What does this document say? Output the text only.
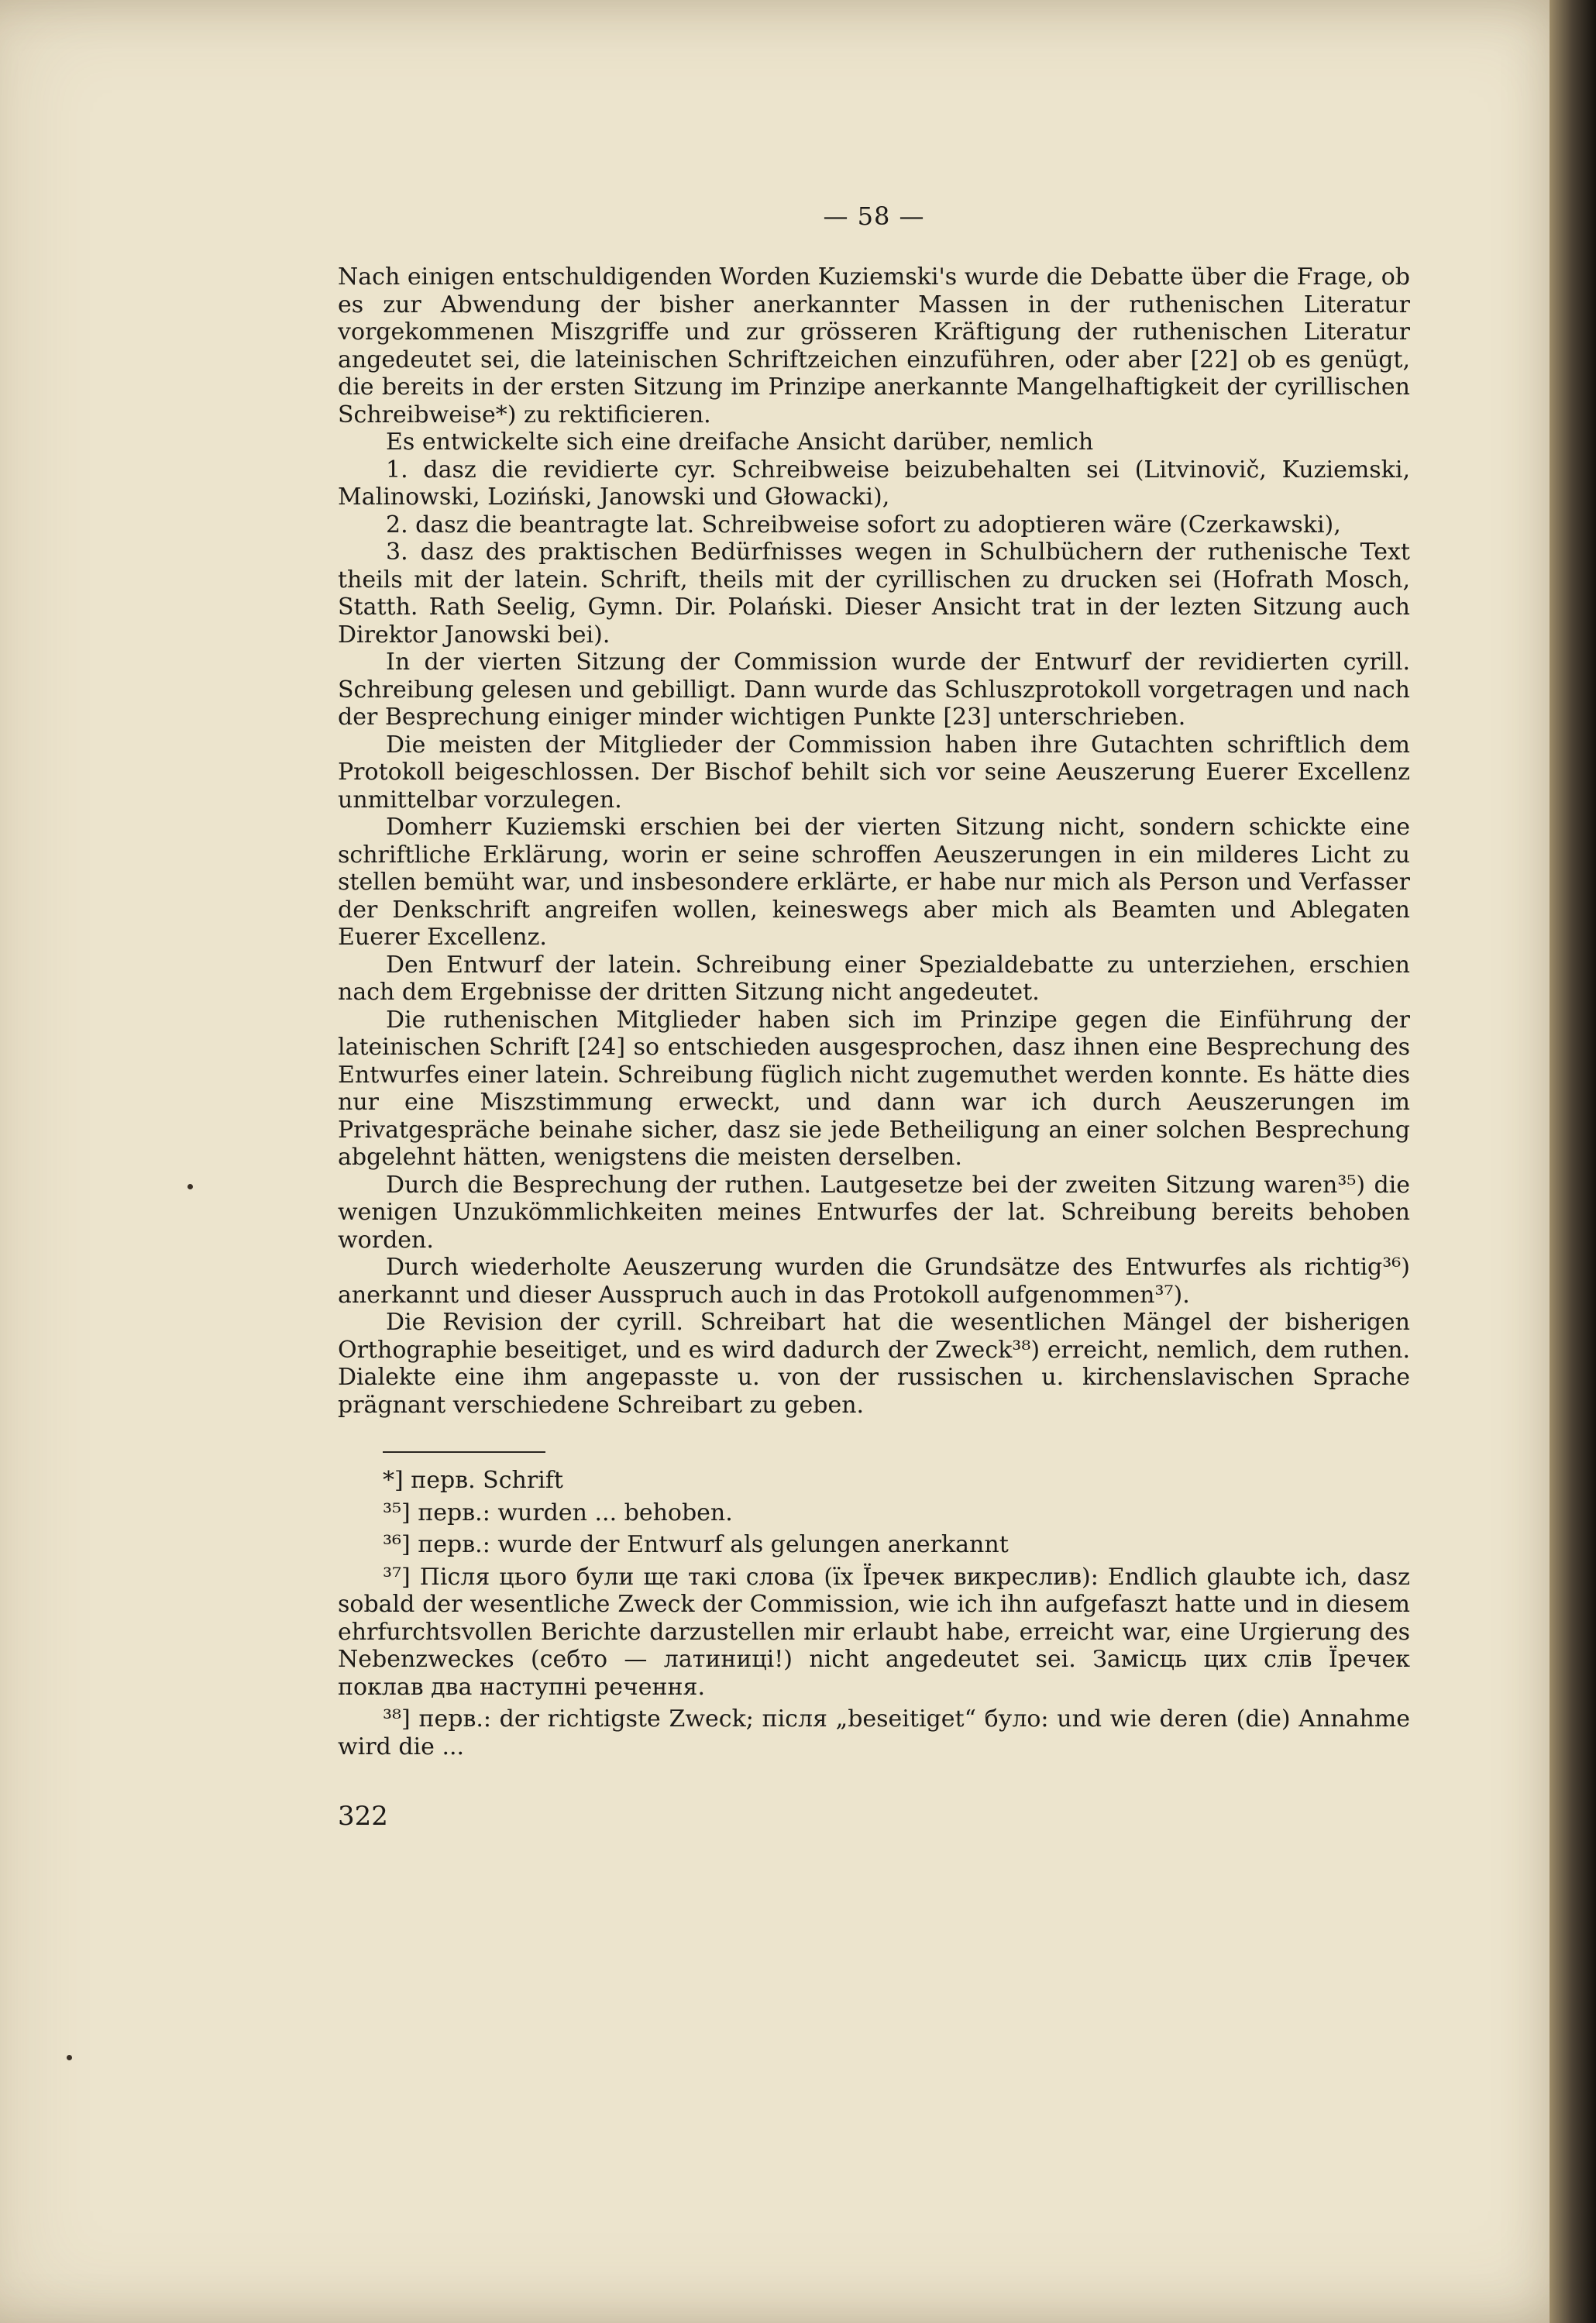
— 58 —

Nach einigen entschuldigenden Worden Kuziemski's wurde die Debatte über die Frage, ob es zur Abwendung der bisher anerkannter Massen in der ruthenischen Literatur vorgekommenen Miszgriffe und zur grösseren Kräftigung der ruthenischen Literatur angedeutet sei, die lateinischen Schriftzeichen einzuführen, oder aber [22] ob es genügt, die bereits in der ersten Sitzung im Prinzipe anerkannte Mangelhaftigkeit der cyrillischen Schreibweise*) zu rektificieren.

Es entwickelte sich eine dreifache Ansicht darüber, nemlich

1. dasz die revidierte cyr. Schreibweise beizubehalten sei (Litvinovič, Kuziemski, Malinowski, Loziński, Janowski und Głowacki),

2. dasz die beantragte lat. Schreibweise sofort zu adoptieren wäre (Czerkawski),

3. dasz des praktischen Bedürfnisses wegen in Schulbüchern der ruthenische Text theils mit der latein. Schrift, theils mit der cyrillischen zu drucken sei (Hofrath Mosch, Statth. Rath Seelig, Gymn. Dir. Polański. Dieser Ansicht trat in der lezten Sitzung auch Direktor Janowski bei).

In der vierten Sitzung der Commission wurde der Entwurf der revidierten cyrill. Schreibung gelesen und gebilligt. Dann wurde das Schluszprotokoll vorgetragen und nach der Besprechung einiger minder wichtigen Punkte [23] unterschrieben.

Die meisten der Mitglieder der Commission haben ihre Gutachten schriftlich dem Protokoll beigeschlossen. Der Bischof behilt sich vor seine Aeuszerung Euerer Excellenz unmittelbar vorzulegen.

Domherr Kuziemski erschien bei der vierten Sitzung nicht, sondern schickte eine schriftliche Erklärung, worin er seine schroffen Aeuszerungen in ein milderes Licht zu stellen bemüht war, und insbesondere erklärte, er habe nur mich als Person und Verfasser der Denkschrift angreifen wollen, keineswegs aber mich als Beamten und Ablegaten Euerer Excellenz.

Den Entwurf der latein. Schreibung einer Spezialdebatte zu unterziehen, erschien nach dem Ergebnisse der dritten Sitzung nicht angedeutet.

Die ruthenischen Mitglieder haben sich im Prinzipe gegen die Einführung der lateinischen Schrift [24] so entschieden ausgesprochen, dasz ihnen eine Besprechung des Entwurfes einer latein. Schreibung füglich nicht zugemuthet werden konnte. Es hätte dies nur eine Miszstimmung erweckt, und dann war ich durch Aeuszerungen im Privatgespräche beinahe sicher, dasz sie jede Betheiligung an einer solchen Besprechung abgelehnt hätten, wenigstens die meisten derselben.

Durch die Besprechung der ruthen. Lautgesetze bei der zweiten Sitzung waren³⁵) die wenigen Unzukömmlichkeiten meines Entwurfes der lat. Schreibung bereits behoben worden.

Durch wiederholte Aeuszerung wurden die Grundsätze des Entwurfes als richtig³⁶) anerkannt und dieser Ausspruch auch in das Protokoll aufgenommen³⁷).

Die Revision der cyrill. Schreibart hat die wesentlichen Mängel der bisherigen Orthographie beseitiget, und es wird dadurch der Zweck³⁸) erreicht, nemlich, dem ruthen. Dialekte eine ihm angepasste u. von der russischen u. kirchenslavischen Sprache prägnant verschiedene Schreibart zu geben.

*] перв. Schrift

³⁵] перв.: wurden ... behoben.

³⁶] перв.: wurde der Entwurf als gelungen anerkannt

³⁷] Після цього були ще такі слова (їх Їречек викреслив): Endlich glaubte ich, dasz sobald der wesentliche Zweck der Commission, wie ich ihn aufgefaszt hatte und in diesem ehrfurchtsvollen Berichte darzustellen mir erlaubt habe, erreicht war, eine Urgierung des Nebenzweckes (себто — латиниці!) nicht angedeutet sei. Замісць цих слів Їречек поклав два наступні речення.

³⁸] перв.: der richtigste Zweck; після „beseitiget“ було: und wie deren (die) Annahme wird die ...

322
